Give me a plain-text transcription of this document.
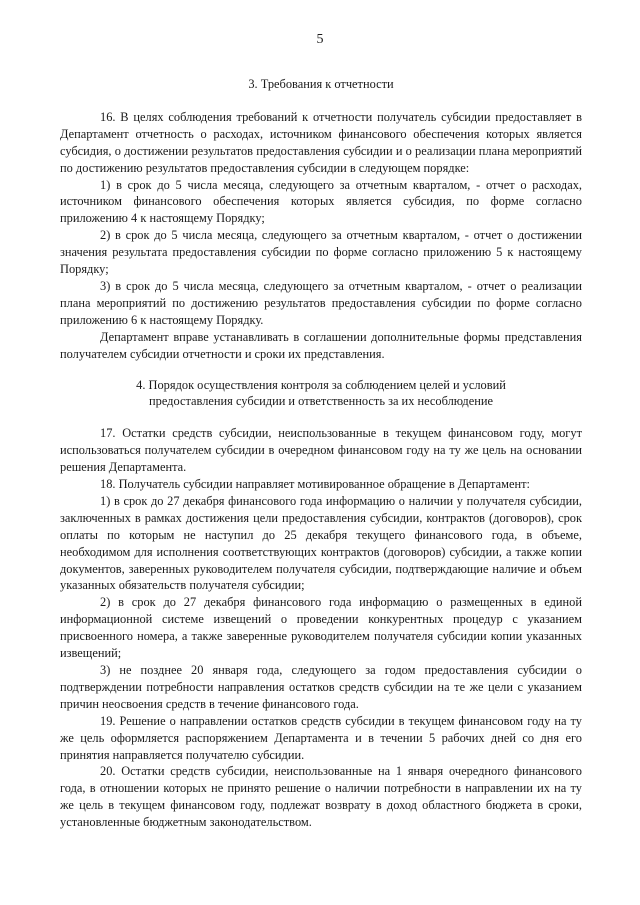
5
3. Требования к отчетности

16. В целях соблюдения требований к отчетности получатель субсидии предоставляет в Департамент отчетность о расходах, источником финансового обеспечения которых является субсидия, о достижении результатов предоставления субсидии и о реализации плана мероприятий по достижению результатов предоставления субсидии в следующем порядке:

1) в срок до 5 числа месяца, следующего за отчетным кварталом, - отчет о расходах, источником финансового обеспечения которых является субсидия, по форме согласно приложению 4 к настоящему Порядку;

2) в срок до 5 числа месяца, следующего за отчетным кварталом, - отчет о достижении значения результата предоставления субсидии по форме согласно приложению 5 к настоящему Порядку;

3) в срок до 5 числа месяца, следующего за отчетным кварталом, - отчет о реализации плана мероприятий по достижению результатов предоставления субсидии по форме согласно приложению 6 к настоящему Порядку.

Департамент вправе устанавливать в соглашении дополнительные формы представления получателем субсидии отчетности и сроки их представления.

4. Порядок осуществления контроля за соблюдением целей и условий
предоставления субсидии и ответственность за их несоблюдение

17. Остатки средств субсидии, неиспользованные в текущем финансовом году, могут использоваться получателем субсидии в очередном финансовом году на ту же цель на основании решения Департамента.

18. Получатель субсидии направляет мотивированное обращение в Департамент:

1) в срок до 27 декабря финансового года информацию о наличии у получателя субсидии, заключенных в рамках достижения цели предоставления субсидии, контрактов (договоров), срок оплаты по которым не наступил до 25 декабря текущего финансового года, в объеме, необходимом для исполнения соответствующих контрактов (договоров) субсидии, а также копии документов, заверенных руководителем получателя субсидии, подтверждающие наличие и объем указанных обязательств получателя субсидии;

2) в срок до 27 декабря финансового года информацию о размещенных в единой информационной системе извещений о проведении конкурентных процедур с указанием присвоенного номера, а также заверенные руководителем получателя субсидии копии указанных извещений;

3) не позднее 20 января года, следующего за годом предоставления субсидии о подтверждении потребности направления остатков средств субсидии на те же цели с указанием причин неосвоения средств в течение финансового года.

19. Решение о направлении остатков средств субсидии в текущем финансовом году на ту же цель оформляется распоряжением Департамента и в течении 5 рабочих дней со дня его принятия направляется получателю субсидии.

20. Остатки средств субсидии, неиспользованные на 1 января очередного финансового года, в отношении которых не принято решение о наличии потребности в направлении их на ту же цель в текущем финансовом году, подлежат возврату в доход областного бюджета в сроки, установленные бюджетным законодательством.
